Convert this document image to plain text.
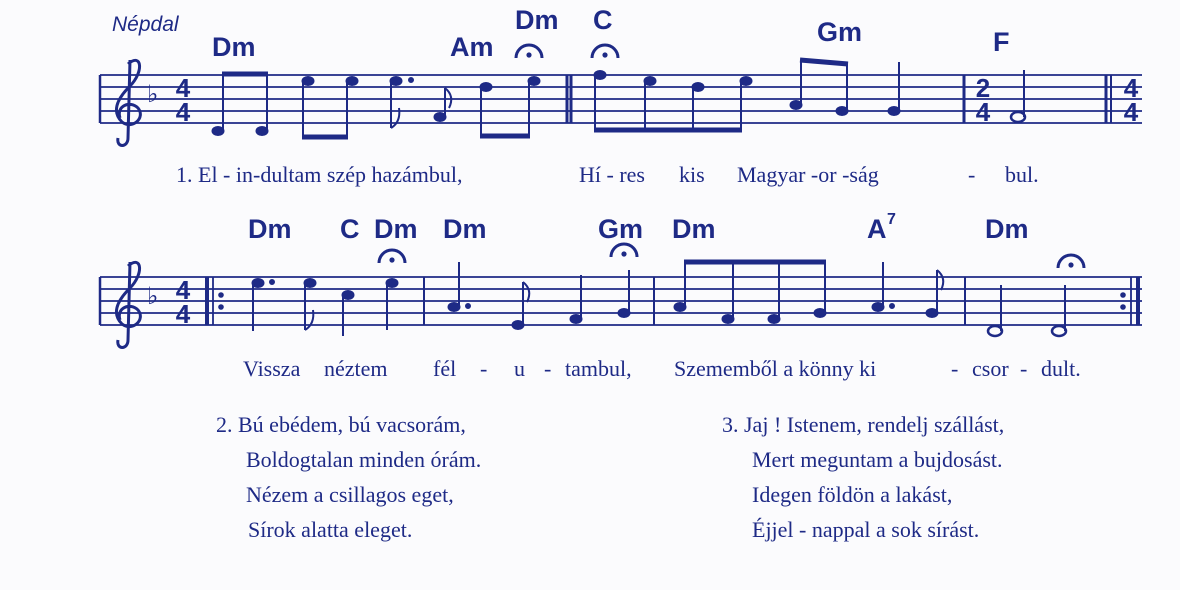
Népdal
♭ 4
4
2
4
4
4
Dm	Am
Dm C	Gm	F
1. El - in-dultam szép hazámbul,	Hí - res kis Magyar -or -ság	- bul.
♭ 4
4
Dm C Dm Dm	Gm Dm	A 7	Dm
Vissza néztem fél - u - tambul, Szememből a könny ki	- csor - dult.
2. Bú ebédem, bú vacsorám,
Boldogtalan minden órám.
Nézem a csillagos eget,
Sírok alatta eleget.
3. Jaj ! Istenem, rendelj szállást,
Mert meguntam a bujdosást.
Idegen földön a lakást,
Éjjel - nappal a sok sírást.
